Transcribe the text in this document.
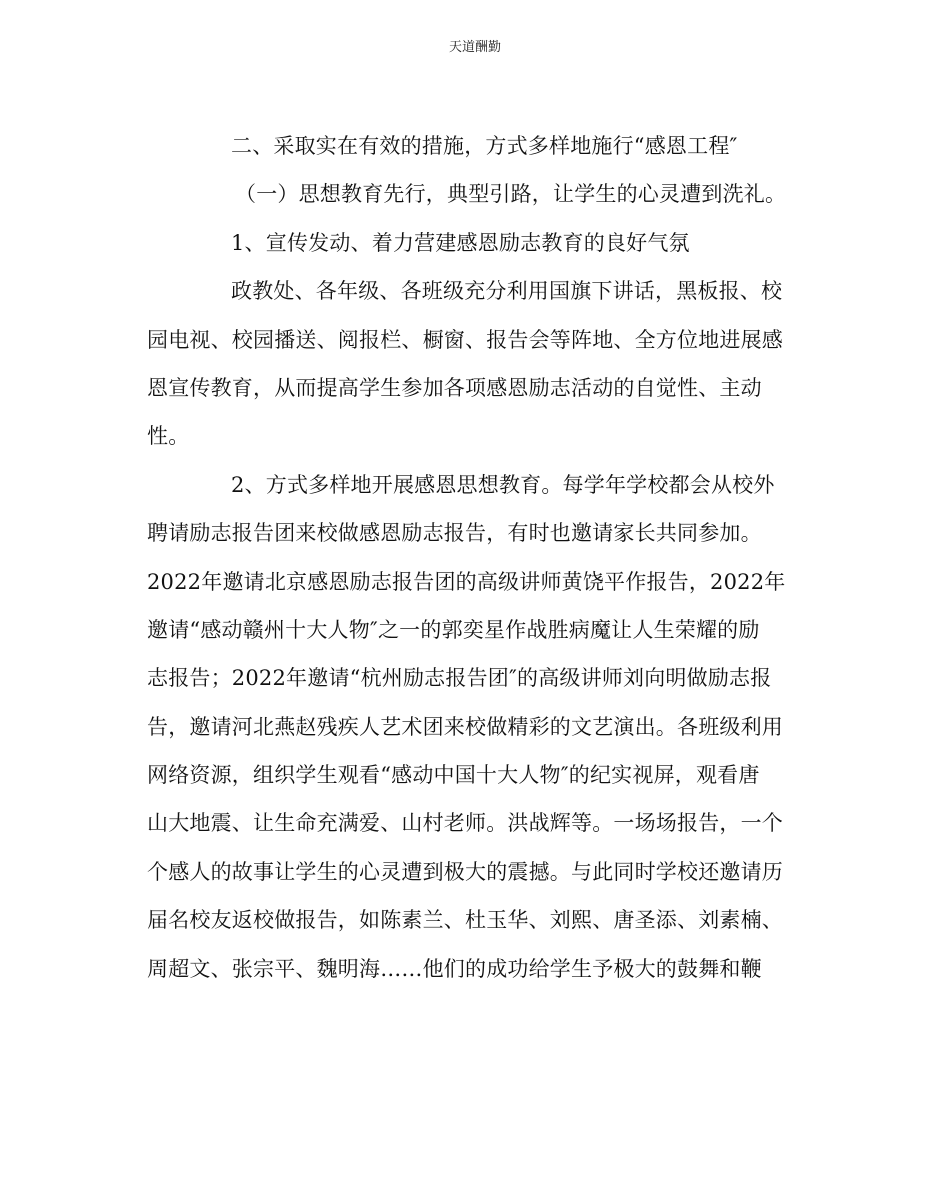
天道酬勤
二、采取实在有效的措施，方式多样地施行“感恩工程″
（一）思想教育先行，典型引路，让学生的心灵遭到洗礼。
1、宣传发动、着力营建感恩励志教育的良好气氛
政教处、各年级、各班级充分利用国旗下讲话，黑板报、校
园电视、校园播送、阅报栏、橱窗、报告会等阵地、全方位地进展感
恩宣传教育，从而提高学生参加各项感恩励志活动的自觉性、主动
性。
2、方式多样地开展感恩思想教育。每学年学校都会从校外
聘请励志报告团来校做感恩励志报告，有时也邀请家长共同参加。
2022年邀请北京感恩励志报告团的高级讲师黄饶平作报告，2022年
邀请“感动赣州十大人物″之一的郭奕星作战胜病魔让人生荣耀的励
志报告；2022年邀请“杭州励志报告团″的高级讲师刘向明做励志报
告，邀请河北燕赵残疾人艺术团来校做精彩的文艺演出。各班级利用
网络资源，组织学生观看“感动中国十大人物″的纪实视屏，观看唐
山大地震、让生命充满爱、山村老师。洪战辉等。一场场报告，一个
个感人的故事让学生的心灵遭到极大的震撼。与此同时学校还邀请历
届名校友返校做报告，如陈素兰、杜玉华、刘熙、唐圣添、刘素楠、
周超文、张宗平、魏明海……他们的成功给学生予极大的鼓舞和鞭
